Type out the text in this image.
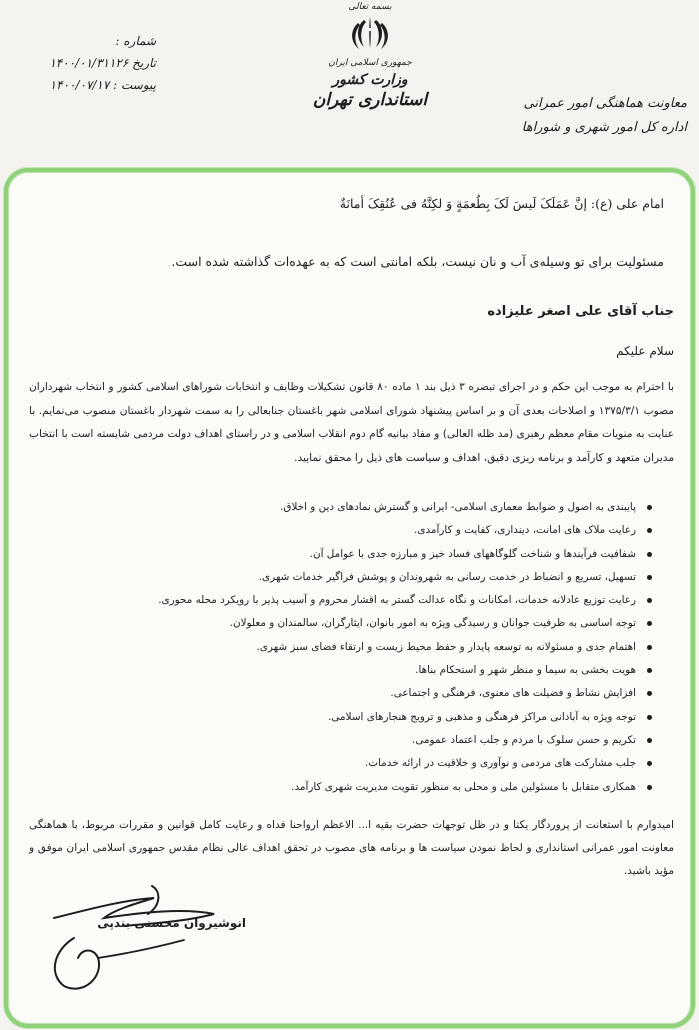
شماره :
تاریخ ۱۴۰۰/۰۱/۳۱۱۲۶
پیوست : ۱۴۰۰/۰۷/۱۷
بسمه تعالی
جمهوری اسلامی ایران
وزارت کشور
استانداری تهران	معاونت هماهنگی امور عمرانی
اداره کل امور شهری و شوراها
امام علی (ع): إنَّ عَمَلَکَ لَیسَ لَکَ بِطُعمَةٍ وَ لکِنَّهُ فی عُنُقِکَ أمانَةٌ
مسئولیت برای تو وسیله‌ی آب و نان نیست، بلکه امانتی است که به عهده‌ات گذاشته شده است.
جناب آقای علی اصغر علیزاده
سلام علیکم
با احترام به موجب این حکم و در اجرای تبصره ۳ ذیل بند ۱ ماده ۸۰ قانون تشکیلات وظایف و انتخابات شوراهای اسلامی کشور و انتخاب شهرداران مصوب ۱۳۷۵/۳/۱ و اصلاحات بعدی آن و بر اساس پیشنهاد شورای اسلامی شهر باغستان جنابعالی را به سمت شهردار باغستان منصوب می‌نمایم. با عنایت به منویات مقام معظم رهبری (مد ظله العالی) و مفاد بیانیه گام دوم انقلاب اسلامی و در راستای اهداف دولت مردمی شایسته است با انتخاب مدیران متعهد و کارآمد و برنامه ریزی دقیق، اهداف و سیاست های ذیل را محقق نمایید.
پایبندی به اصول و ضوابط معماری اسلامی- ایرانی و گسترش نمادهای دین و اخلاق.
رعایت ملاک های امانت، دینداری، کفایت و کارآمدی.
شفافیت فرآیندها و شناخت گلوگاههای فساد خیز و مبارزه جدی با عوامل آن.
تسهیل، تسریع و انضباط در خدمت رسانی به شهروندان و پوشش فراگیر خدمات شهری.
رعایت توزیع عادلانه خدمات، امکانات و نگاه عدالت گستر به اقشار محروم و آسیب پذیر با رویکرد محله محوری.
توجه اساسی به ظرفیت جوانان و رسیدگی ویژه به امور بانوان، ایثارگران، سالمندان و معلولان.
اهتمام جدی و مسئولانه به توسعه پایدار و حفظ محیط زیست و ارتقاء فضای سبز شهری.
هویت بخشی به سیما و منظر شهر و استحکام بناها.
افزایش نشاط و فضیلت های معنوی، فرهنگی و اجتماعی.
توجه ویژه به آبادانی مراکز فرهنگی و مذهبی و ترویج هنجارهای اسلامی.
تکریم و حسن سلوک با مردم و جلب اعتماد عمومی.
جلب مشارکت های مردمی و نوآوری و خلاقیت در ارائه خدمات.
همکاری متقابل با مسئولین ملی و محلی به منظور تقویت مدیریت شهری کارآمد.
امیدوارم با استعانت از پروردگار یکتا و در ظل توجهات حضرت بقیه ا... الاعظم ارواحنا فداه و رعایت کامل قوانین و مقررات مربوط، با هماهنگی معاونت امور عمرانی استانداری و لحاظ نمودن سیاست ها و برنامه های مصوب در تحقق اهداف عالی نظام مقدس جمهوری اسلامی ایران موفق و مؤید باشید.
انوشیروان محسنی بندپی
